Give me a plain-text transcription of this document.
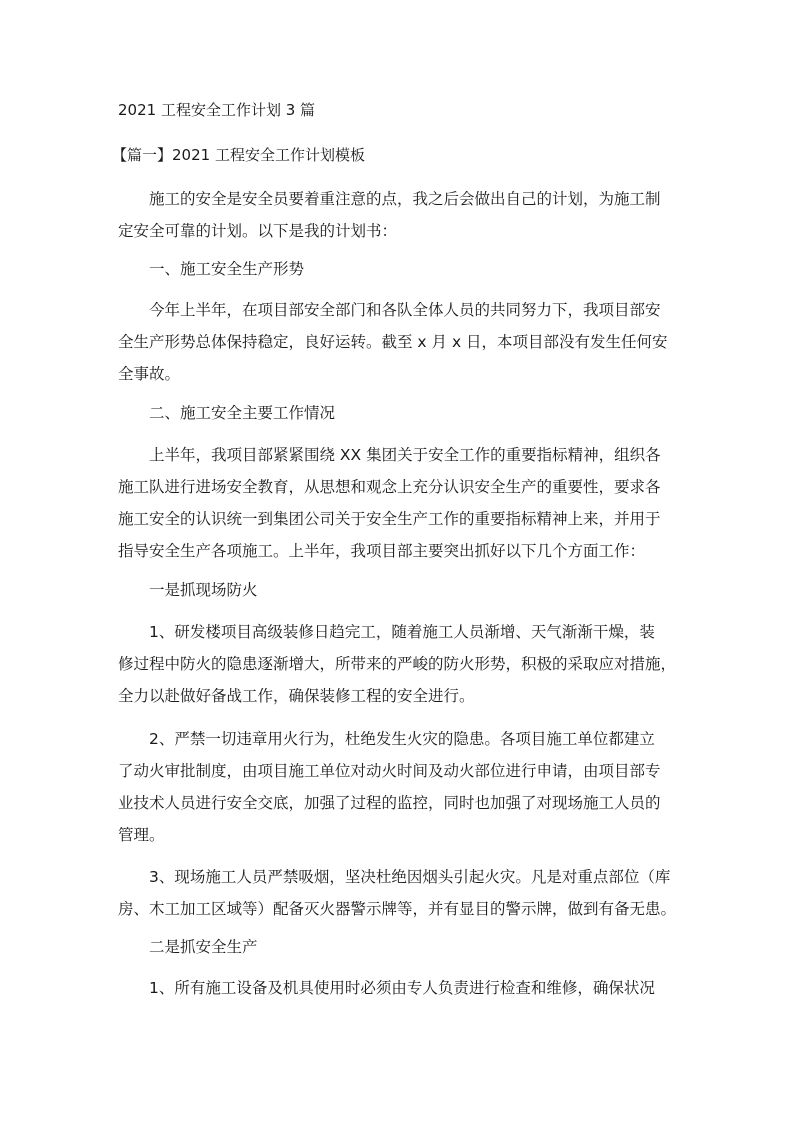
2021 工程安全工作计划 3 篇
【篇一】2021 工程安全工作计划模板
施工的安全是安全员要着重注意的点，我之后会做出自己的计划，为施工制
定安全可靠的计划。以下是我的计划书：
一、施工安全生产形势
今年上半年，在项目部安全部门和各队全体人员的共同努力下，我项目部安
全生产形势总体保持稳定，良好运转。截至 x 月 x 日，本项目部没有发生任何安
全事故。
二、施工安全主要工作情况
上半年，我项目部紧紧围绕 XX 集团关于安全工作的重要指标精神，组织各
施工队进行进场安全教育，从思想和观念上充分认识安全生产的重要性，要求各
施工安全的认识统一到集团公司关于安全生产工作的重要指标精神上来，并用于
指导安全生产各项施工。上半年，我项目部主要突出抓好以下几个方面工作：
一是抓现场防火
1、研发楼项目高级装修日趋完工，随着施工人员渐增、天气渐渐干燥，装
修过程中防火的隐患逐渐增大，所带来的严峻的防火形势，积极的采取应对措施，
全力以赴做好备战工作，确保装修工程的安全进行。
2、严禁一切违章用火行为，杜绝发生火灾的隐患。各项目施工单位都建立
了动火审批制度，由项目施工单位对动火时间及动火部位进行申请，由项目部专
业技术人员进行安全交底，加强了过程的监控，同时也加强了对现场施工人员的
管理。
3、现场施工人员严禁吸烟，坚决杜绝因烟头引起火灾。凡是对重点部位（库
房、木工加工区域等）配备灭火器警示牌等，并有显目的警示牌，做到有备无患。
二是抓安全生产
1、所有施工设备及机具使用时必须由专人负责进行检查和维修，确保状况
